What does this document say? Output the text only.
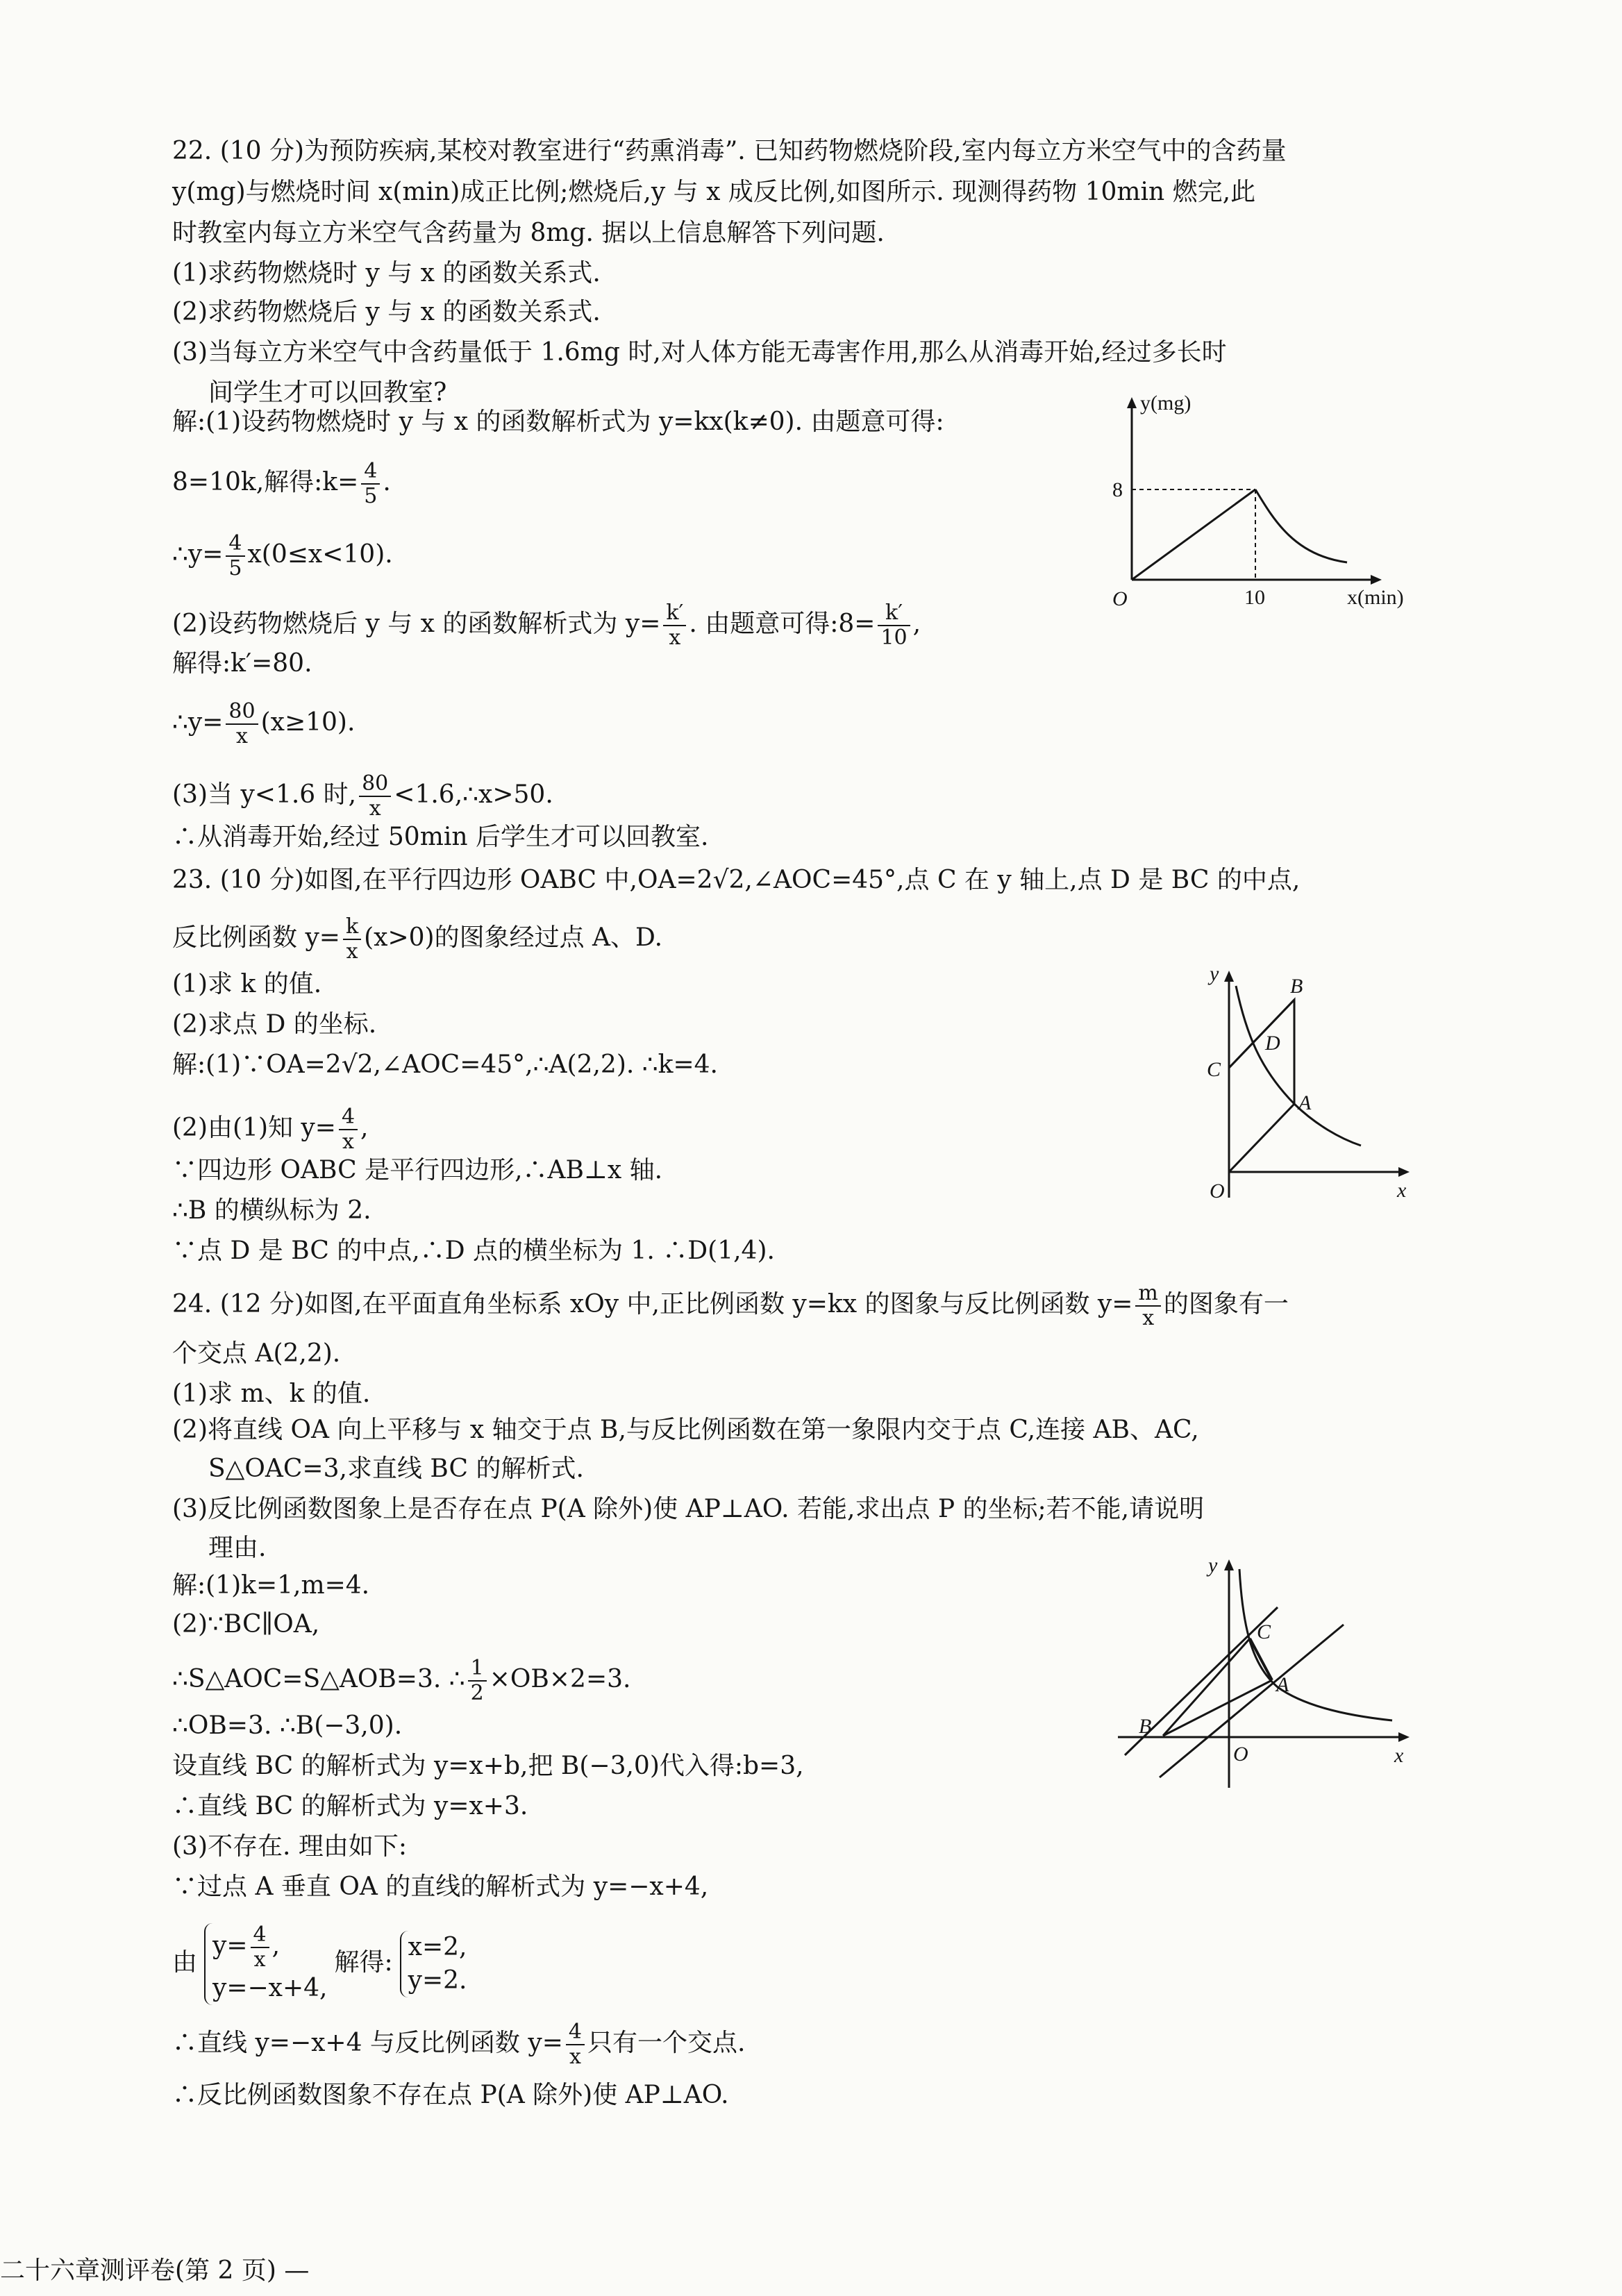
22. (10 分)为预防疾病,某校对教室进行“药熏消毒”. 已知药物燃烧阶段,室内每立方米空气中的含药量
y(mg)与燃烧时间 x(min)成正比例;燃烧后,y 与 x 成反比例,如图所示. 现测得药物 10min 燃完,此
时教室内每立方米空气含药量为 8mg. 据以上信息解答下列问题.
(1)求药物燃烧时 y 与 x 的函数关系式.
(2)求药物燃烧后 y 与 x 的函数关系式.
(3)当每立方米空气中含药量低于 1.6mg 时,对人体方能无毒害作用,那么从消毒开始,经过多长时
间学生才可以回教室?
解:(1)设药物燃烧时 y 与 x 的函数解析式为 y=kx(k≠0). 由题意可得:
8=10k,解得:k= $\frac{4}{5}$ .
∴y= $\frac{4}{5} x(0\le x<10)$.
(2)设药物燃烧后 y 与 x 的函数解析式为 $y= \frac{k'}{x}$ . 由题意可得:8= $\frac{k'}{10}$ ,
解得:k′=80.
∴y= $\frac{80}{x} (x\ge 10)$.
(3)当 y<1.6 时, $\frac{80}{x}$ <1.6,∴x>50.
∴从消毒开始,经过 50min 后学生才可以回教室.
y(mg)
x(min)
O
8
10
23. (10 分)如图,在平行四边形 OABC 中,OA=2√2,∠AOC=45°,点 C 在 y 轴上,点 D 是 BC 的中点,
反比例函数 $y= \frac{k}{x} (x>0)$的图象经过点 A、D.
(1)求 k 的值.
(2)求点 D 的坐标.
解:(1)∵OA=2√2,∠AOC=45°,∴A(2,2). ∴k=4.
(2)由(1)知 $y= \frac{4}{x}$ ,
∵四边形 OABC 是平行四边形,∴AB⊥x 轴.
∴B 的横纵标为 2.
∵点 D 是 BC 的中点,∴D 点的横坐标为 1. ∴D(1,4).
y
x
O
A
B
C
D
24. (12 分)如图,在平面直角坐标系 xOy 中,正比例函数 y=kx 的图象与反比例函数 $y= \frac{m}{x}$ 的图象有一
个交点 A(2,2).
(1)求 m、k 的值.
(2)将直线 OA 向上平移与 x 轴交于点 B,与反比例函数在第一象限内交于点 C,连接 AB、AC,
S△OAC=3,求直线 BC 的解析式.
(3)反比例函数图象上是否存在点 P(A 除外)使 AP⊥AO. 若能,求出点 P 的坐标;若不能,请说明
理由.
解:(1)k=1,m=4.
(2)∵BC∥OA,
∴S△AOC=S△AOB=3. ∴ $\frac{1}{2} \times OB\times 2=3$.
∴OB=3. ∴B(−3,0).
设直线 BC 的解析式为 y=x+b,把 B(−3,0)代入得:b=3,
∴直线 BC 的解析式为 y=x+3.
(3)不存在. 理由如下:
∵过点 A 垂直 OA 的直线的解析式为 y=−x+4,
由
$y= \frac{4}{x}$ ,
y=−x+4,
解得:
x=2,
y=2.
∴直线 y=−x+4 与反比例函数 $y= \frac{4}{x}$ 只有一个交点.
∴反比例函数图象不存在点 P(A 除外)使 AP⊥AO.
y
x
O
A
B
C
二十六章测评卷(第 2 页) —
